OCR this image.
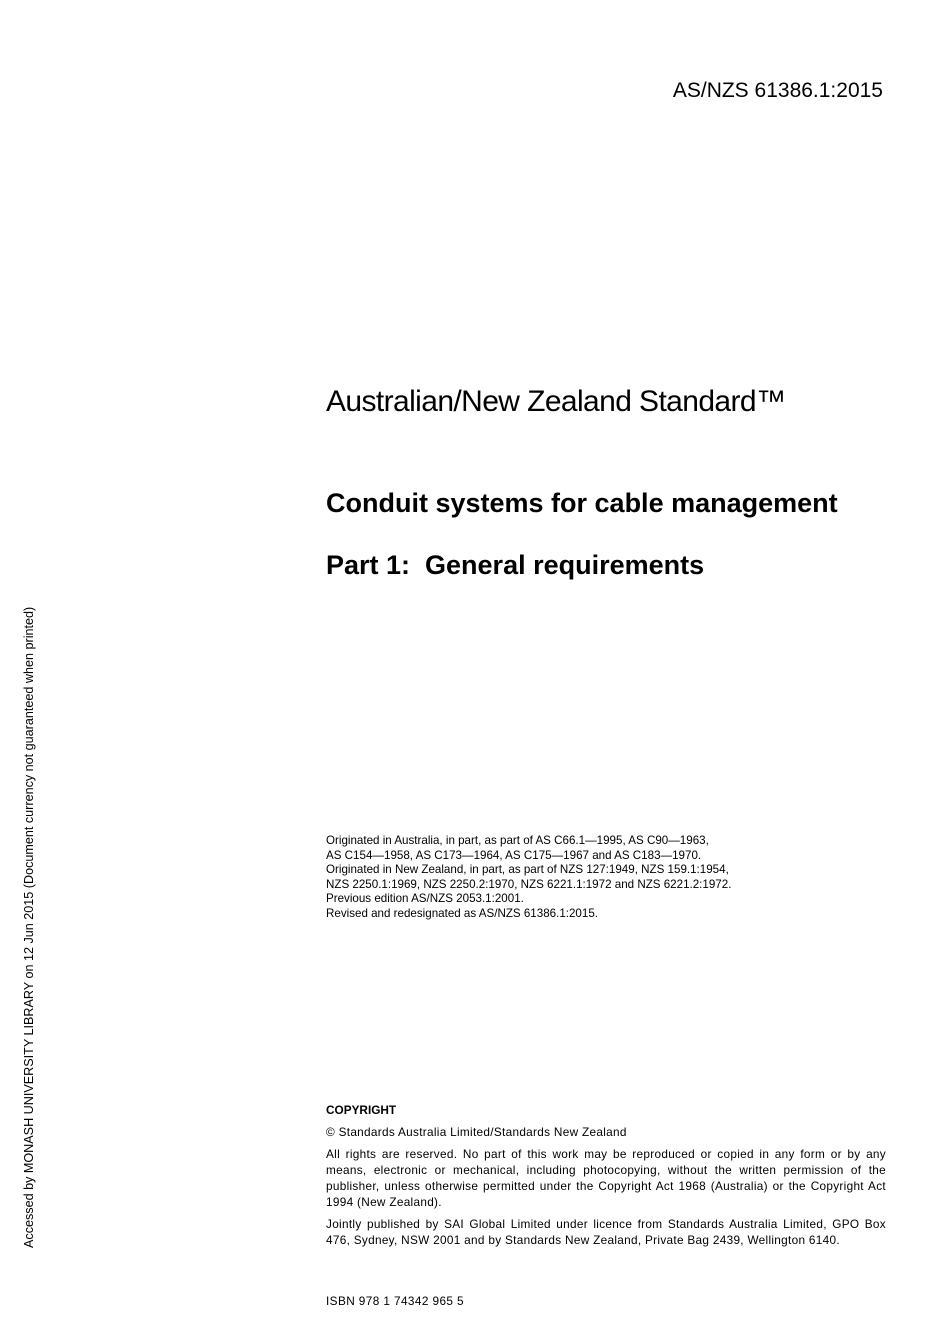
AS/NZS 61386.1:2015
Accessed by MONASH UNIVERSITY LIBRARY on 12 Jun 2015 (Document currency not guaranteed when printed)
Australian/New Zealand Standard™
Conduit systems for cable management
Part 1:  General requirements
Originated in Australia, in part, as part of AS C66.1—1995, AS C90—1963,
AS C154—1958, AS C173—1964, AS C175—1967 and AS C183—1970.
Originated in New Zealand, in part, as part of NZS 127:1949, NZS 159.1:1954,
NZS 2250.1:1969, NZS 2250.2:1970, NZS 6221.1:1972 and NZS 6221.2:1972.
Previous edition AS/NZS 2053.1:2001.
Revised and redesignated as AS/NZS 61386.1:2015.
COPYRIGHT

© Standards Australia Limited/Standards New Zealand

All rights are reserved. No part of this work may be reproduced or copied in any form or by any means, electronic or mechanical, including photocopying, without the written permission of the publisher, unless otherwise permitted under the Copyright Act 1968 (Australia) or the Copyright Act 1994 (New Zealand).

Jointly published by SAI Global Limited under licence from Standards Australia Limited, GPO Box 476, Sydney, NSW 2001 and by Standards New Zealand, Private Bag 2439, Wellington 6140.

ISBN 978 1 74342 965 5
